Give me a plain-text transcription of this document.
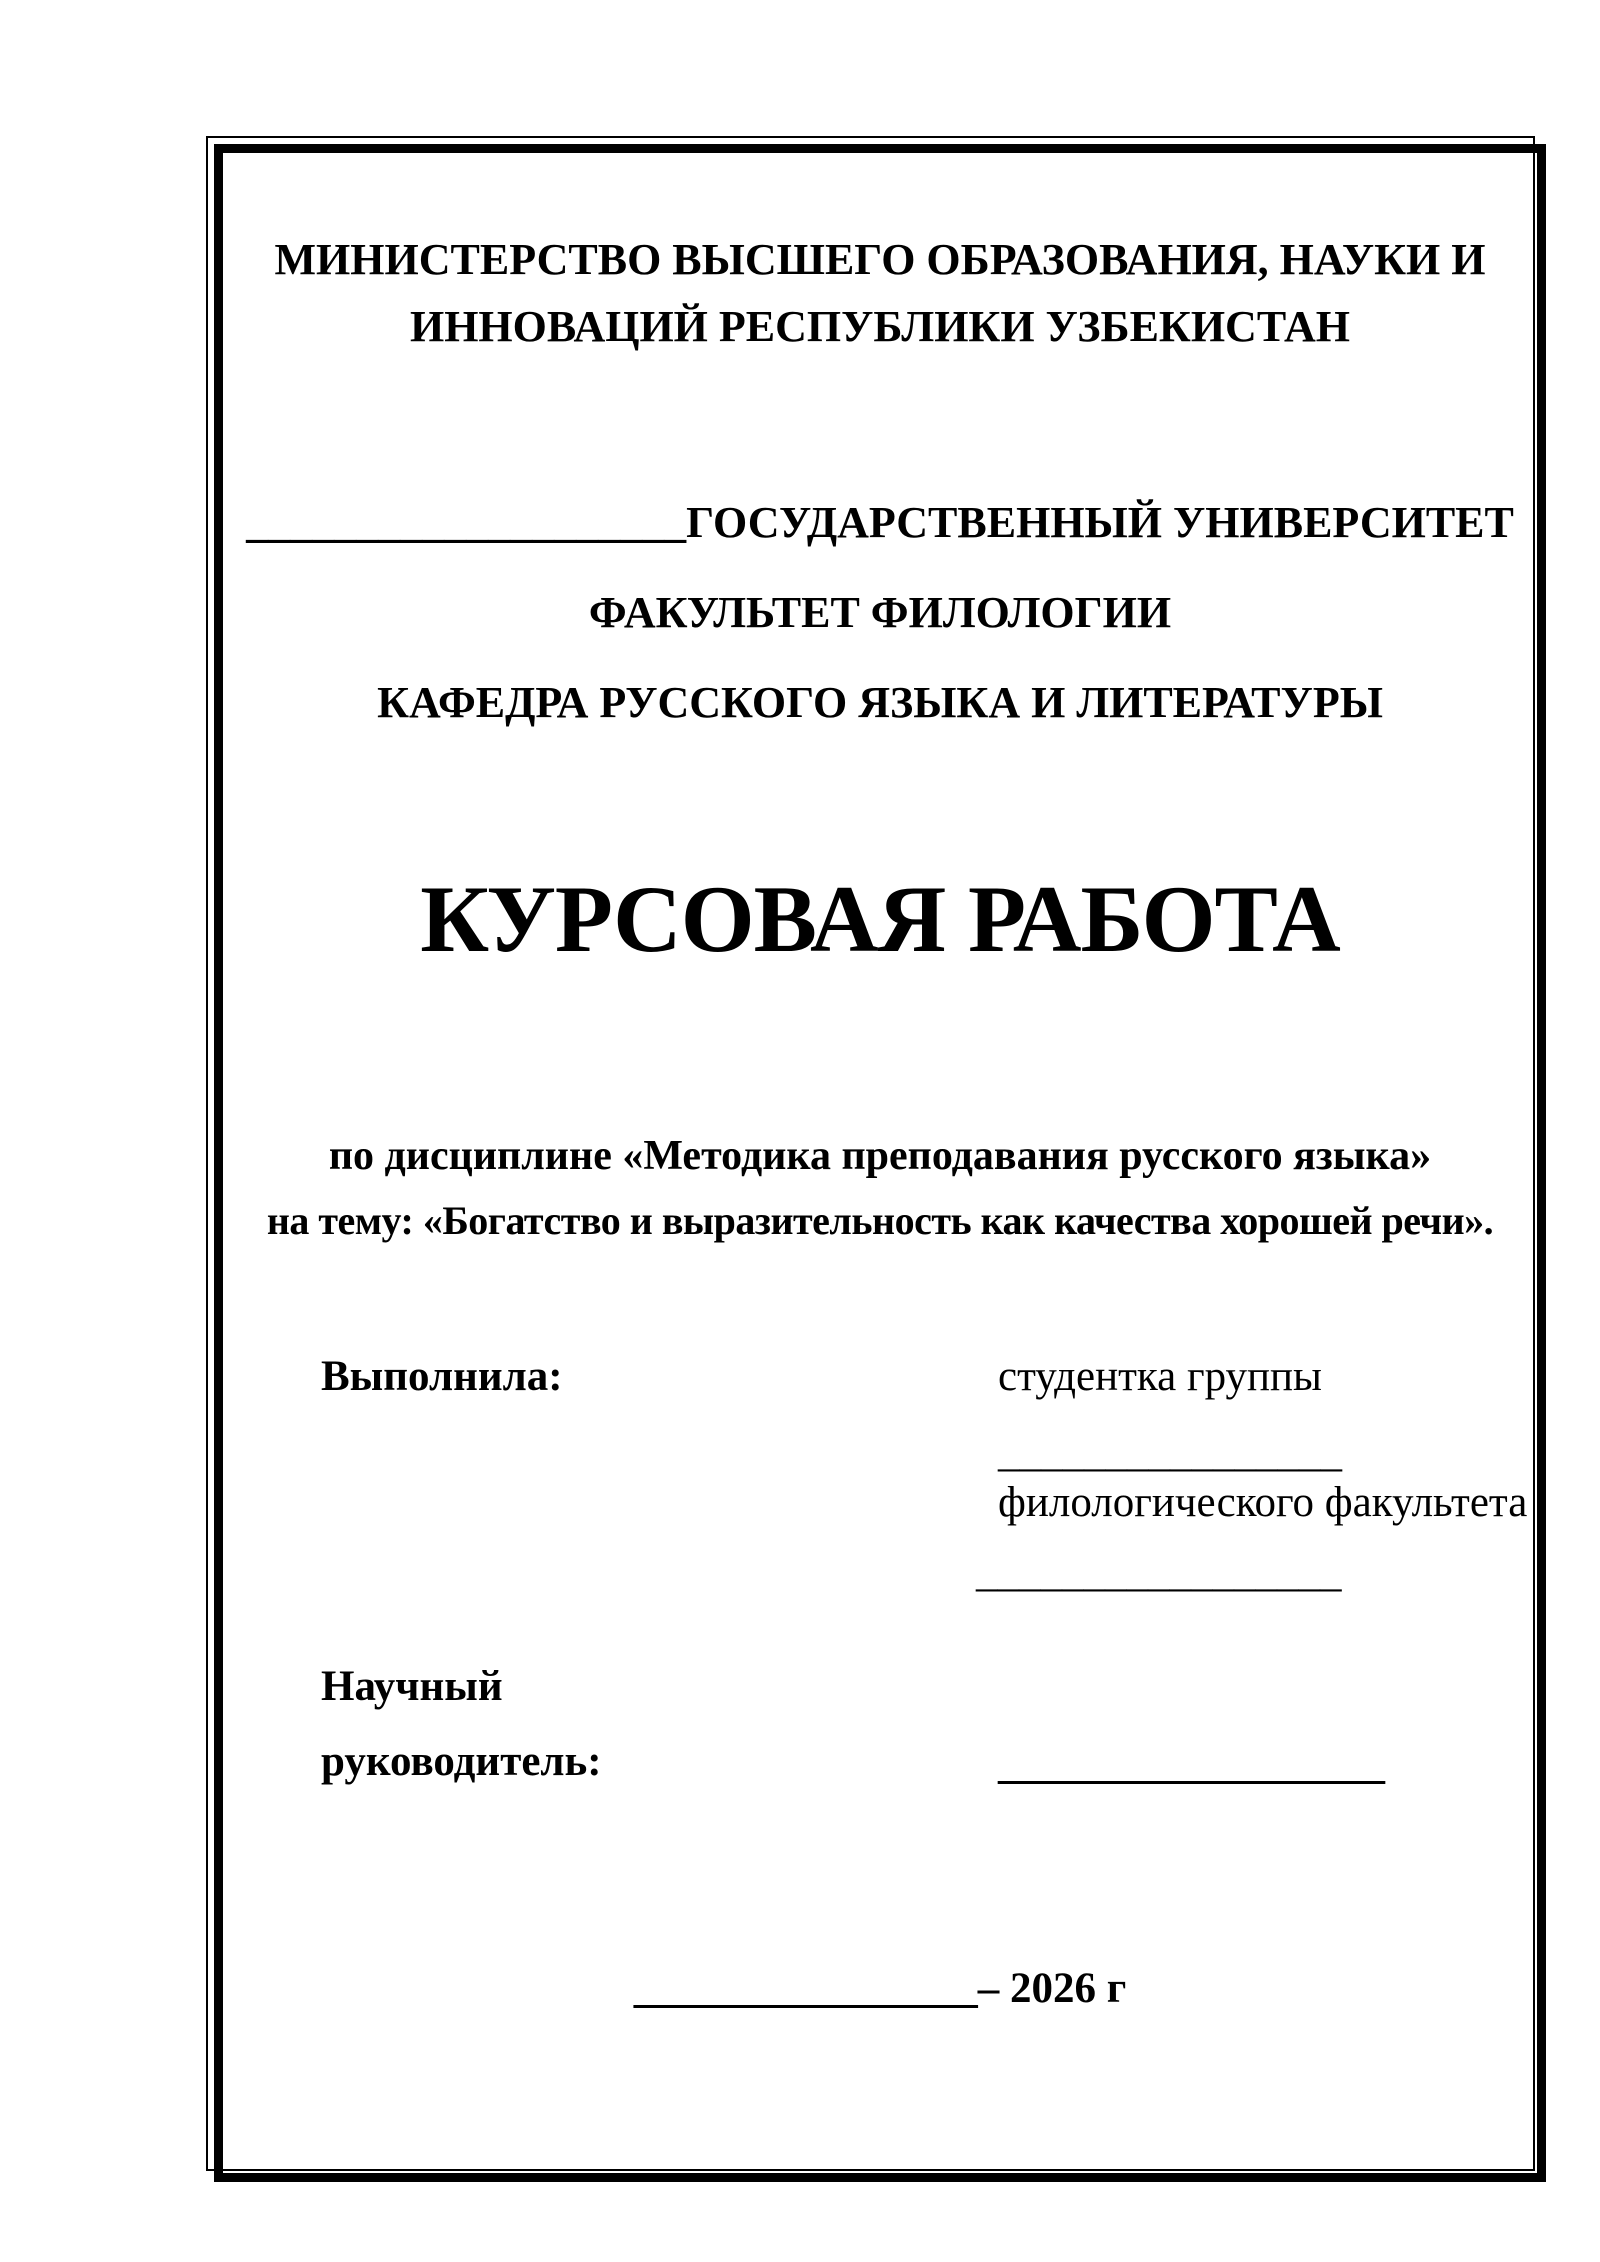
МИНИСТЕРСТВО ВЫСШЕГО ОБРАЗОВАНИЯ, НАУКИ И
ИННОВАЦИЙ РЕСПУБЛИКИ УЗБЕКИСТАН
____________________ГОСУДАРСТВЕННЫЙ УНИВЕРСИТЕТ
ФАКУЛЬТЕТ ФИЛОЛОГИИ
КАФЕДРА РУССКОГО ЯЗЫКА И ЛИТЕРАТУРЫ
КУРСОВАЯ РАБОТА
по дисциплине «Методика преподавания русского языка»
на тему: «Богатство и выразительность как качества хорошей речи».
Выполнила:	студентка группы
________________
филологического факультета
_________________
Научный
руководитель:	__________________
________________– 2026 г
